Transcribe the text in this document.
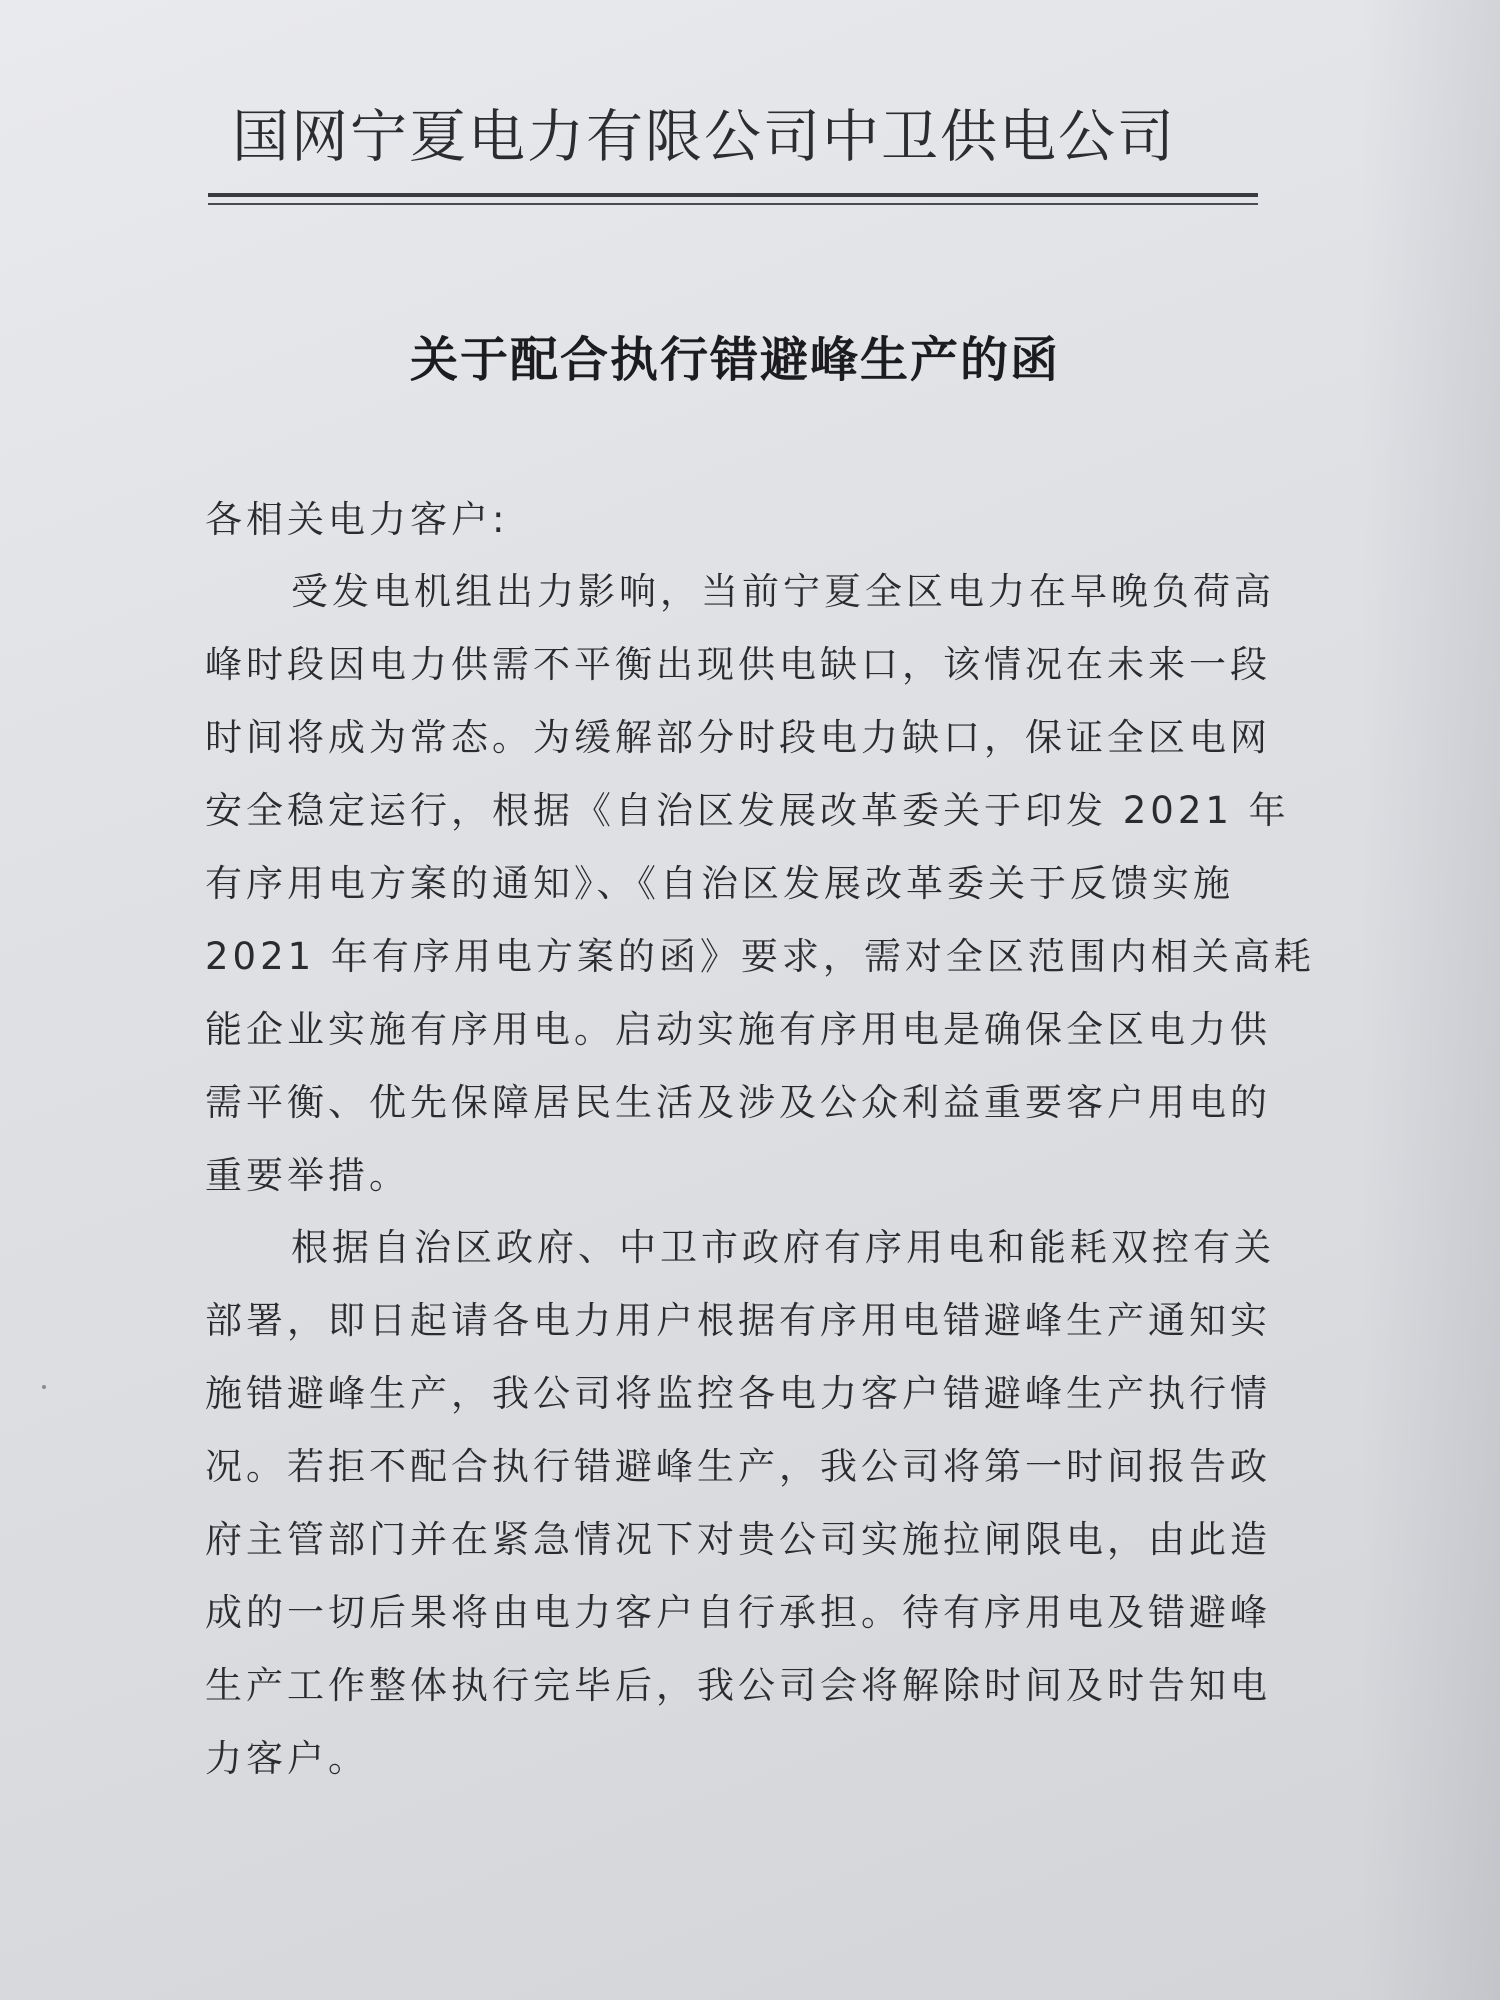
国网宁夏电力有限公司中卫供电公司
关于配合执行错避峰生产的函
各相关电力客户:
受发电机组出力影响，当前宁夏全区电力在早晚负荷高
峰时段因电力供需不平衡出现供电缺口，该情况在未来一段
时间将成为常态。为缓解部分时段电力缺口，保证全区电网
安全稳定运行，根据《自治区发展改革委关于印发 2021 年
有序用电方案的通知》、《自治区发展改革委关于反馈实施
2021 年有序用电方案的函》要求，需对全区范围内相关高耗
能企业实施有序用电。启动实施有序用电是确保全区电力供
需平衡、优先保障居民生活及涉及公众利益重要客户用电的
重要举措。
根据自治区政府、中卫市政府有序用电和能耗双控有关
部署，即日起请各电力用户根据有序用电错避峰生产通知实
施错避峰生产，我公司将监控各电力客户错避峰生产执行情
况。若拒不配合执行错避峰生产，我公司将第一时间报告政
府主管部门并在紧急情况下对贵公司实施拉闸限电，由此造
成的一切后果将由电力客户自行承担。待有序用电及错避峰
生产工作整体执行完毕后，我公司会将解除时间及时告知电
力客户。
